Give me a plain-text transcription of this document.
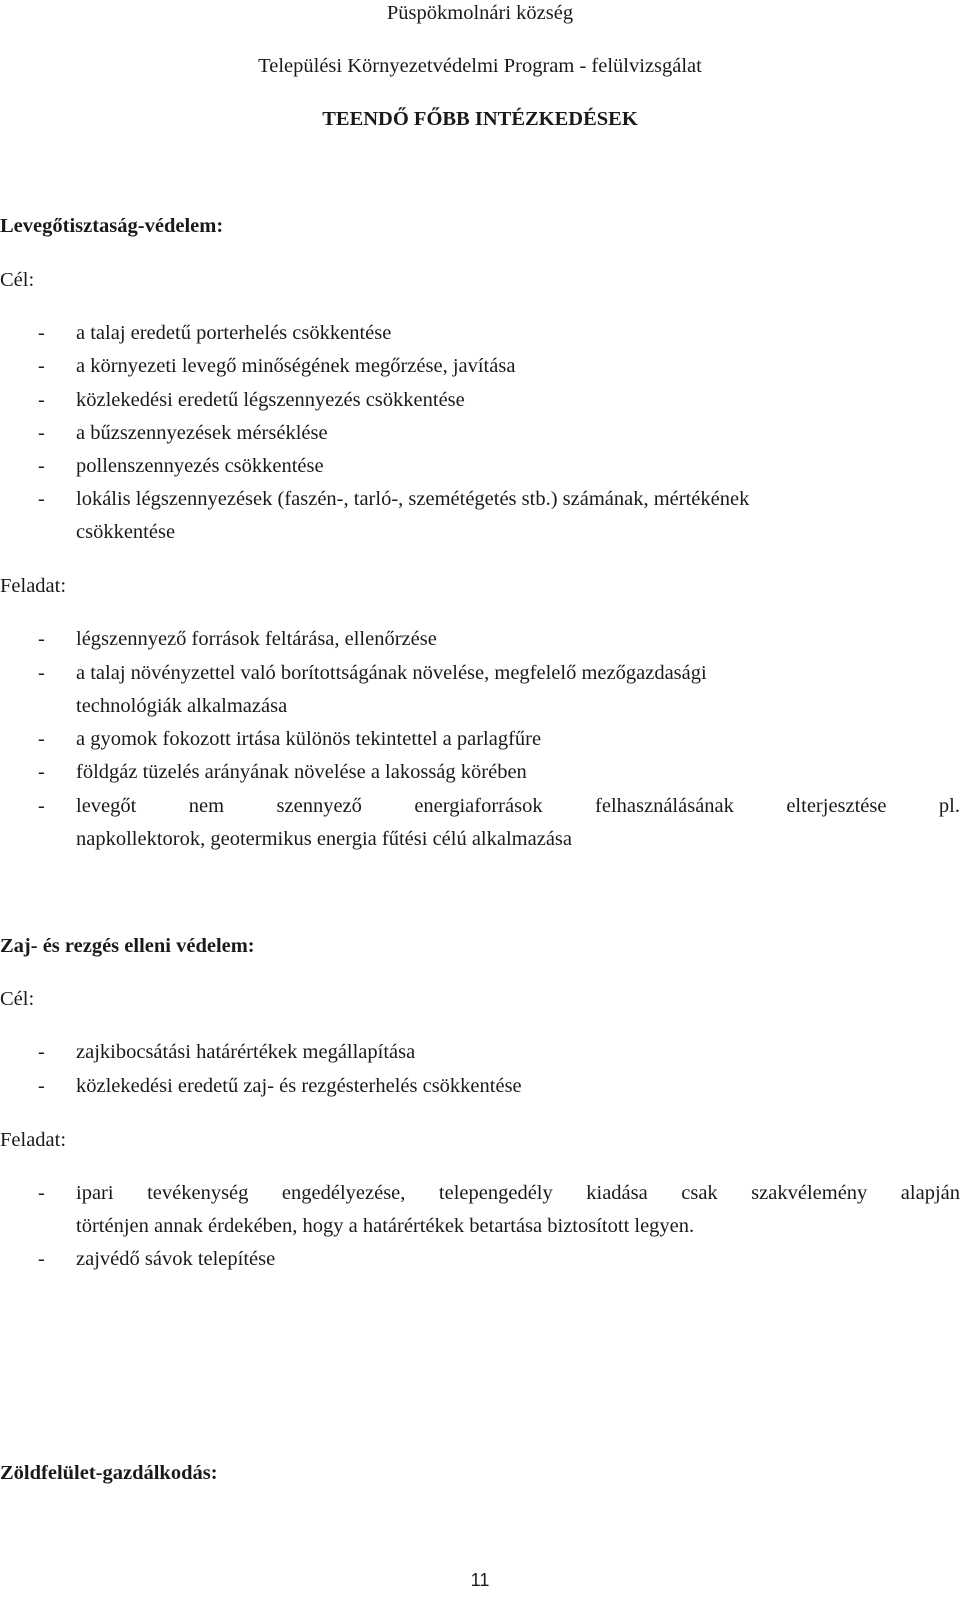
Püspökmolnári község
Települési Környezetvédelmi Program - felülvizsgálat
TEENDŐ FŐBB INTÉZKEDÉSEK
Levegőtisztaság-védelem:
Cél:
- a talaj eredetű porterhelés csökkentése
- a környezeti levegő minőségének megőrzése, javítása
- közlekedési eredetű légszennyezés csökkentése
- a bűzszennyezések mérséklése
- pollenszennyezés csökkentése
- lokális légszennyezések (faszén-, tarló-, szemétégetés stb.) számának, mértékének
csökkentése
Feladat:
- légszennyező források feltárása, ellenőrzése
- a talaj növényzettel való borítottságának növelése, megfelelő mezőgazdasági
technológiák alkalmazása
- a gyomok fokozott irtása különös tekintettel a parlagfűre
- földgáz tüzelés arányának növelése a lakosság körében
- levegőt nem szennyező energiaforrások felhasználásának elterjesztése pl.
napkollektorok, geotermikus energia fűtési célú alkalmazása
Zaj- és rezgés elleni védelem:
Cél:
- zajkibocsátási határértékek megállapítása
- közlekedési eredetű zaj- és rezgésterhelés csökkentése
Feladat:
- ipari tevékenység engedélyezése, telepengedély kiadása csak szakvélemény alapján
történjen annak érdekében, hogy a határértékek betartása biztosított legyen.
- zajvédő sávok telepítése
Zöldfelület-gazdálkodás:
11
